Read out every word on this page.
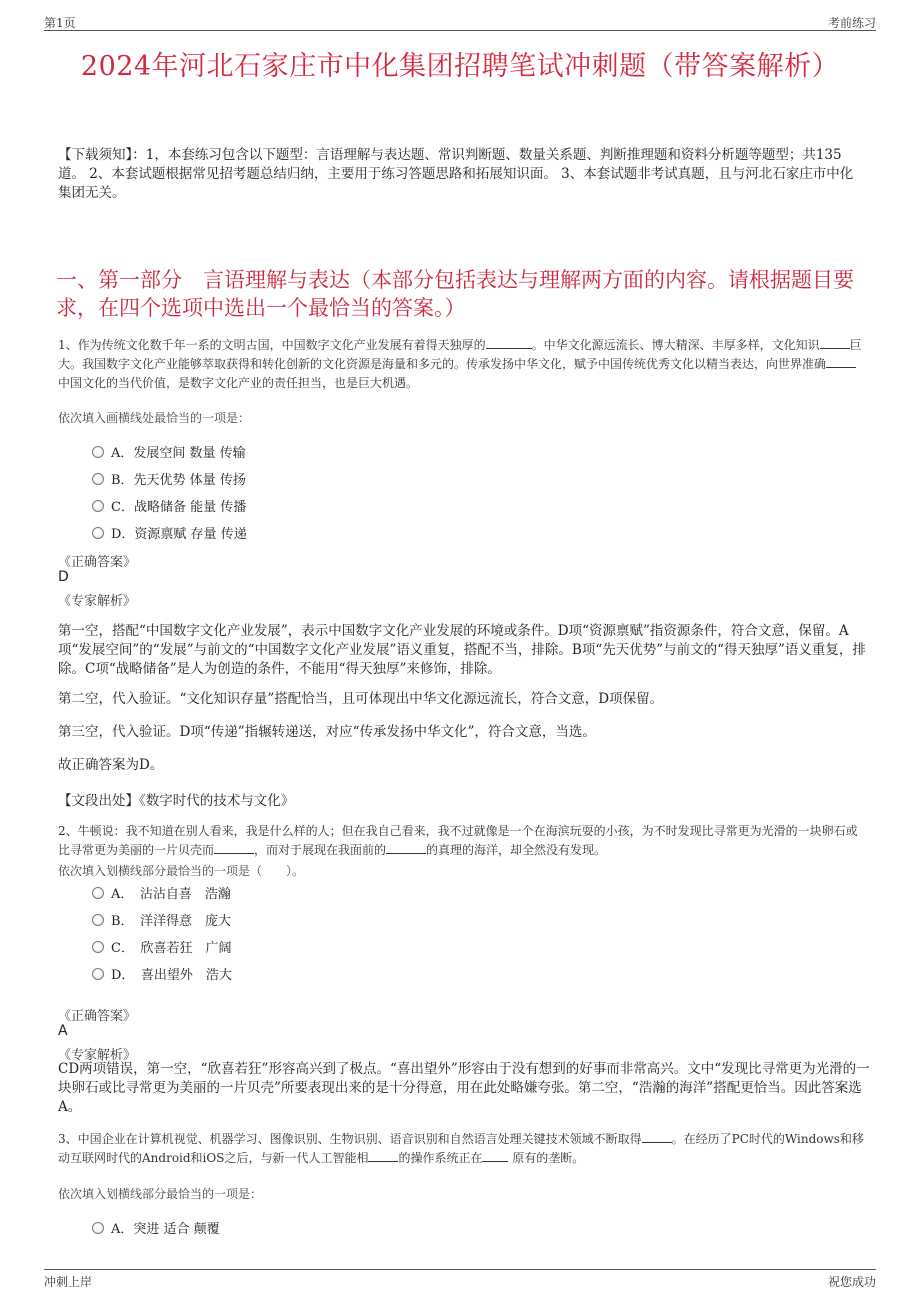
第1页	考前练习
2024年河北石家庄市中化集团招聘笔试冲刺题（带答案解析）
【下载须知】：1，本套练习包含以下题型：言语理解与表达题、常识判断题、数量关系题、判断推理题和资料分析题等题型；共135道。 2、本套试题根据常见招考题总结归纳，主要用于练习答题思路和拓展知识面。 3、本套试题非考试真题，且与河北石家庄市中化集团无关。
一、第一部分　言语理解与表达（本部分包括表达与理解两方面的内容。请根据题目要求，在四个选项中选出一个最恰当的答案。）
1、作为传统文化数千年一系的文明古国，中国数字文化产业发展有着得天独厚的	。中华文化源远流长、博大精深、丰厚多样，文化知识	巨大。我国数字文化产业能够萃取获得和转化创新的文化资源是海量和多元的。传承发扬中华文化，赋予中国传统优秀文化以精当表达，向世界准确中国文化的当代价值，是数字文化产业的责任担当，也是巨大机遇。
依次填入画横线处最恰当的一项是：
A．发展空间 数量 传输
B．先天优势 体量 传扬
C．战略储备 能量 传播
D．资源禀赋 存量 传递
《正确答案》
D
《专家解析》
第一空，搭配“中国数字文化产业发展”，表示中国数字文化产业发展的环境或条件。D项“资源禀赋”指资源条件，符合文意，保留。A项“发展空间”的“发展”与前文的“中国数字文化产业发展”语义重复，搭配不当，排除。B项“先天优势”与前文的“得天独厚”语义重复，排除。C项“战略储备”是人为创造的条件，不能用“得天独厚”来修饰，排除。
第二空，代入验证。“文化知识存量”搭配恰当，且可体现出中华文化源远流长，符合文意，D项保留。
第三空，代入验证。D项“传递”指辗转递送，对应“传承发扬中华文化”，符合文意，当选。
故正确答案为D。
【文段出处】《数字时代的技术与文化》
2、牛顿说：我不知道在别人看来，我是什么样的人；但在我自己看来，我不过就像是一个在海滨玩耍的小孩，为不时发现比寻常更为光滑的一块卵石或比寻常更为美丽的一片贝壳而	，而对于展现在我面前的	的真理的海洋，却全然没有发现。
依次填入划横线部分最恰当的一项是（　　）。
A．　沾沾自喜　浩瀚
B．　洋洋得意　庞大
C．　欣喜若狂　广阔
D．　喜出望外　浩大
《正确答案》
A
《专家解析》
CD两项错误，第一空，“欣喜若狂”形容高兴到了极点。“喜出望外”形容由于没有想到的好事而非常高兴。文中“发现比寻常更为光滑的一块卵石或比寻常更为美丽的一片贝壳”所要表现出来的是十分得意，用在此处略嫌夸张。第二空，“浩瀚的海洋”搭配更恰当。因此答案选A。
3、中国企业在计算机视觉、机器学习、图像识别、生物识别、语音识别和自然语言处理关键技术领域不断取得	。在经历了PC时代的Windows和移动互联网时代的Android和iOS之后，与新一代人工智能相	的操作系统正在 原有的垄断。
依次填入划横线部分最恰当的一项是：
A．突进 适合 颠覆
冲刺上岸	祝您成功
